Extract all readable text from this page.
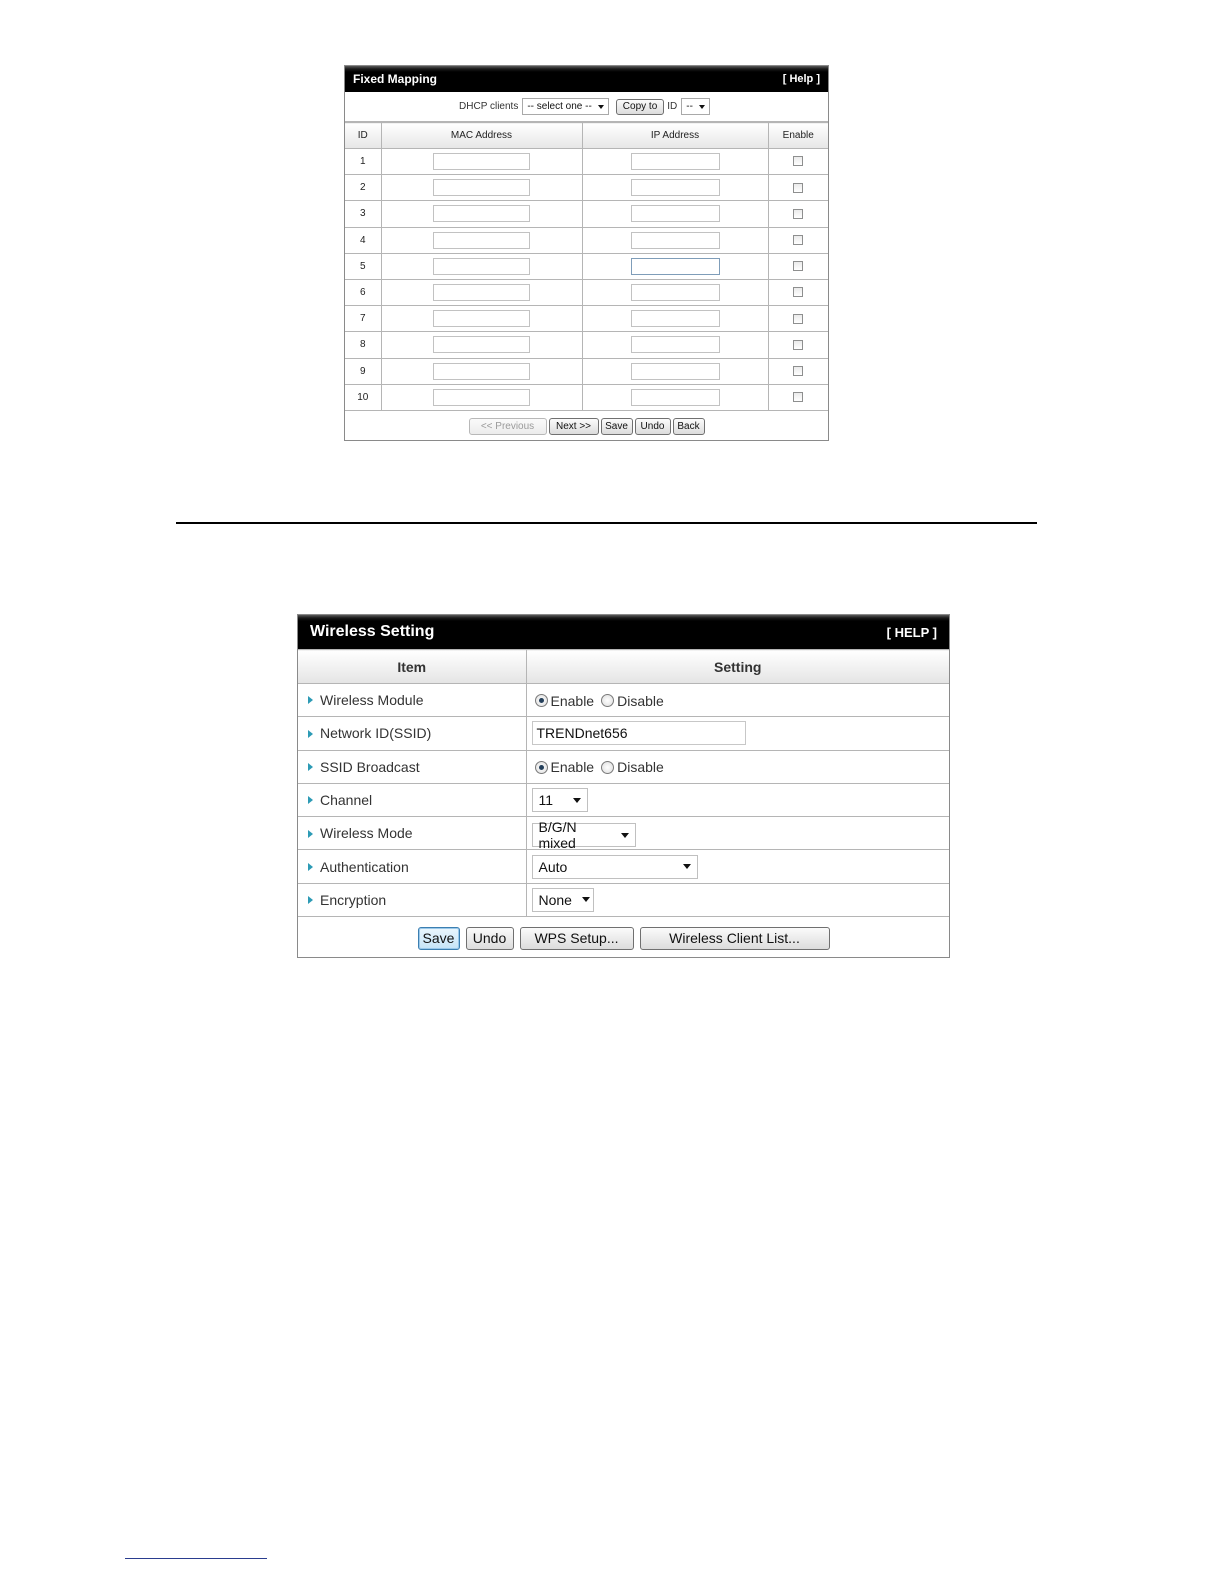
Fixed Mapping	[ Help ]
DHCP clients -- select one --	Copy to	ID --
ID	MAC Address	IP Address	Enable
1			
2			
3			
4			
5			
6			
7			
8			
9			
10			
<< Previous	Next >>	Save	Undo	Back
Wireless Setting	[ HELP ]
Item	Setting
Wireless Module	Enable Disable
Network ID(SSID)	TRENDnet656
SSID Broadcast	Enable Disable
Channel	11

Wireless Mode	B/G/N mixed

Authentication	Auto

Encryption	None
Save	Undo	WPS Setup...	Wireless Client List...
